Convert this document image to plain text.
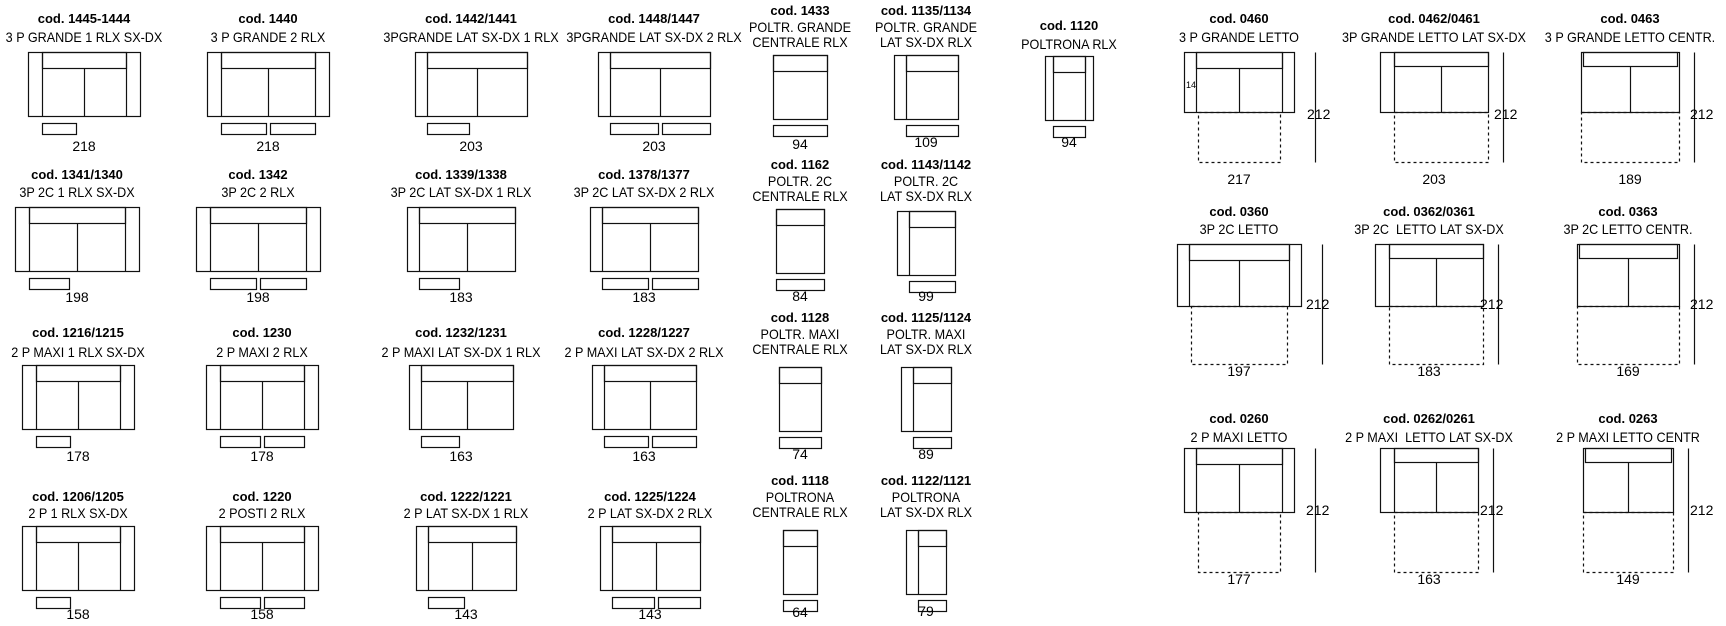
cod. 1445-1444
3 P GRANDE 1 RLX SX-DX
218
cod. 1440
3 P GRANDE 2 RLX
218
cod. 1442/1441
3PGRANDE LAT SX-DX 1 RLX
203
cod. 1448/1447
3PGRANDE LAT SX-DX 2 RLX
203
cod. 1433
POLTR. GRANDE
CENTRALE RLX
94
cod. 1135/1134
POLTR. GRANDE
LAT SX-DX RLX
109
cod. 1120
POLTRONA RLX
94
cod. 1341/1340
3P 2C 1 RLX SX-DX
198
cod. 1342
3P 2C 2 RLX
198
cod. 1339/1338
3P 2C LAT SX-DX 1 RLX
183
cod. 1378/1377
3P 2C LAT SX-DX 2 RLX
183
cod. 1162
POLTR. 2C
CENTRALE RLX
84
cod. 1143/1142
POLTR. 2C
LAT SX-DX RLX
99
cod. 1216/1215
2 P MAXI 1 RLX SX-DX
178
cod. 1230
2 P MAXI 2 RLX
178
cod. 1232/1231
2 P MAXI LAT SX-DX 1 RLX
163
cod. 1228/1227
2 P MAXI LAT SX-DX 2 RLX
163
cod. 1128
POLTR. MAXI
CENTRALE RLX
74
cod. 1125/1124
POLTR. MAXI
LAT SX-DX RLX
89
cod. 1206/1205
2 P 1 RLX SX-DX
158
cod. 1220
2 POSTI 2 RLX
158
cod. 1222/1221
2 P LAT SX-DX 1 RLX
143
cod. 1225/1224
2 P LAT SX-DX 2 RLX
143
cod. 1118
POLTRONA
CENTRALE RLX
64
cod. 1122/1121
POLTRONA
LAT SX-DX RLX
79
cod. 0460
3 P GRANDE LETTO
217
212
14
cod. 0462/0461
3P GRANDE LETTO LAT SX-DX
203
212
cod. 0463
3 P GRANDE LETTO CENTR.
189
212
cod. 0360
3P 2C LETTO
197
212
cod. 0362/0361
3P 2C  LETTO LAT SX-DX
183
212
cod. 0363
3P 2C LETTO CENTR.
169
212
cod. 0260
2 P MAXI LETTO
177
212
cod. 0262/0261
2 P MAXI  LETTO LAT SX-DX
163
212
cod. 0263
2 P MAXI LETTO CENTR
149
212
